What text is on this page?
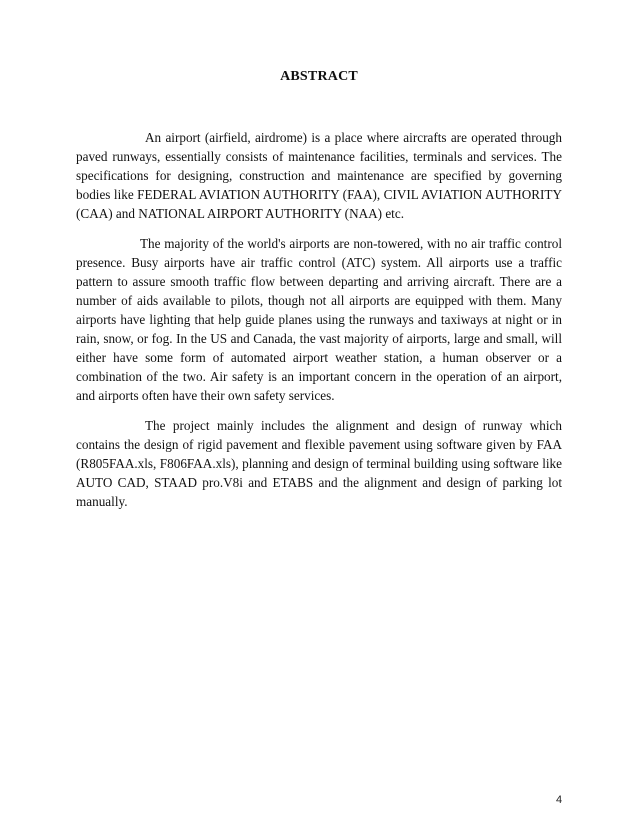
ABSTRACT

An airport (airfield, airdrome) is a place where aircrafts are operated through paved runways, essentially consists of maintenance facilities, terminals and services. The specifications for designing, construction and maintenance are specified by governing bodies like FEDERAL AVIATION AUTHORITY (FAA), CIVIL AVIATION AUTHORITY (CAA) and NATIONAL AIRPORT AUTHORITY (NAA) etc.

The majority of the world's airports are non-towered, with no air traffic control presence. Busy airports have air traffic control (ATC) system. All airports use a traffic pattern to assure smooth traffic flow between departing and arriving aircraft. There are a number of aids available to pilots, though not all airports are equipped with them. Many airports have lighting that help guide planes using the runways and taxiways at night or in rain, snow, or fog. In the US and Canada, the vast majority of airports, large and small, will either have some form of automated airport weather station, a human observer or a combination of the two. Air safety is an important concern in the operation of an airport, and airports often have their own safety services.

The project mainly includes the alignment and design of runway which contains the design of rigid pavement and flexible pavement using software given by FAA (R805FAA.xls, F806FAA.xls), planning and design of terminal building using software like AUTO CAD, STAAD pro.V8i and ETABS and the alignment and design of parking lot manually.

4
